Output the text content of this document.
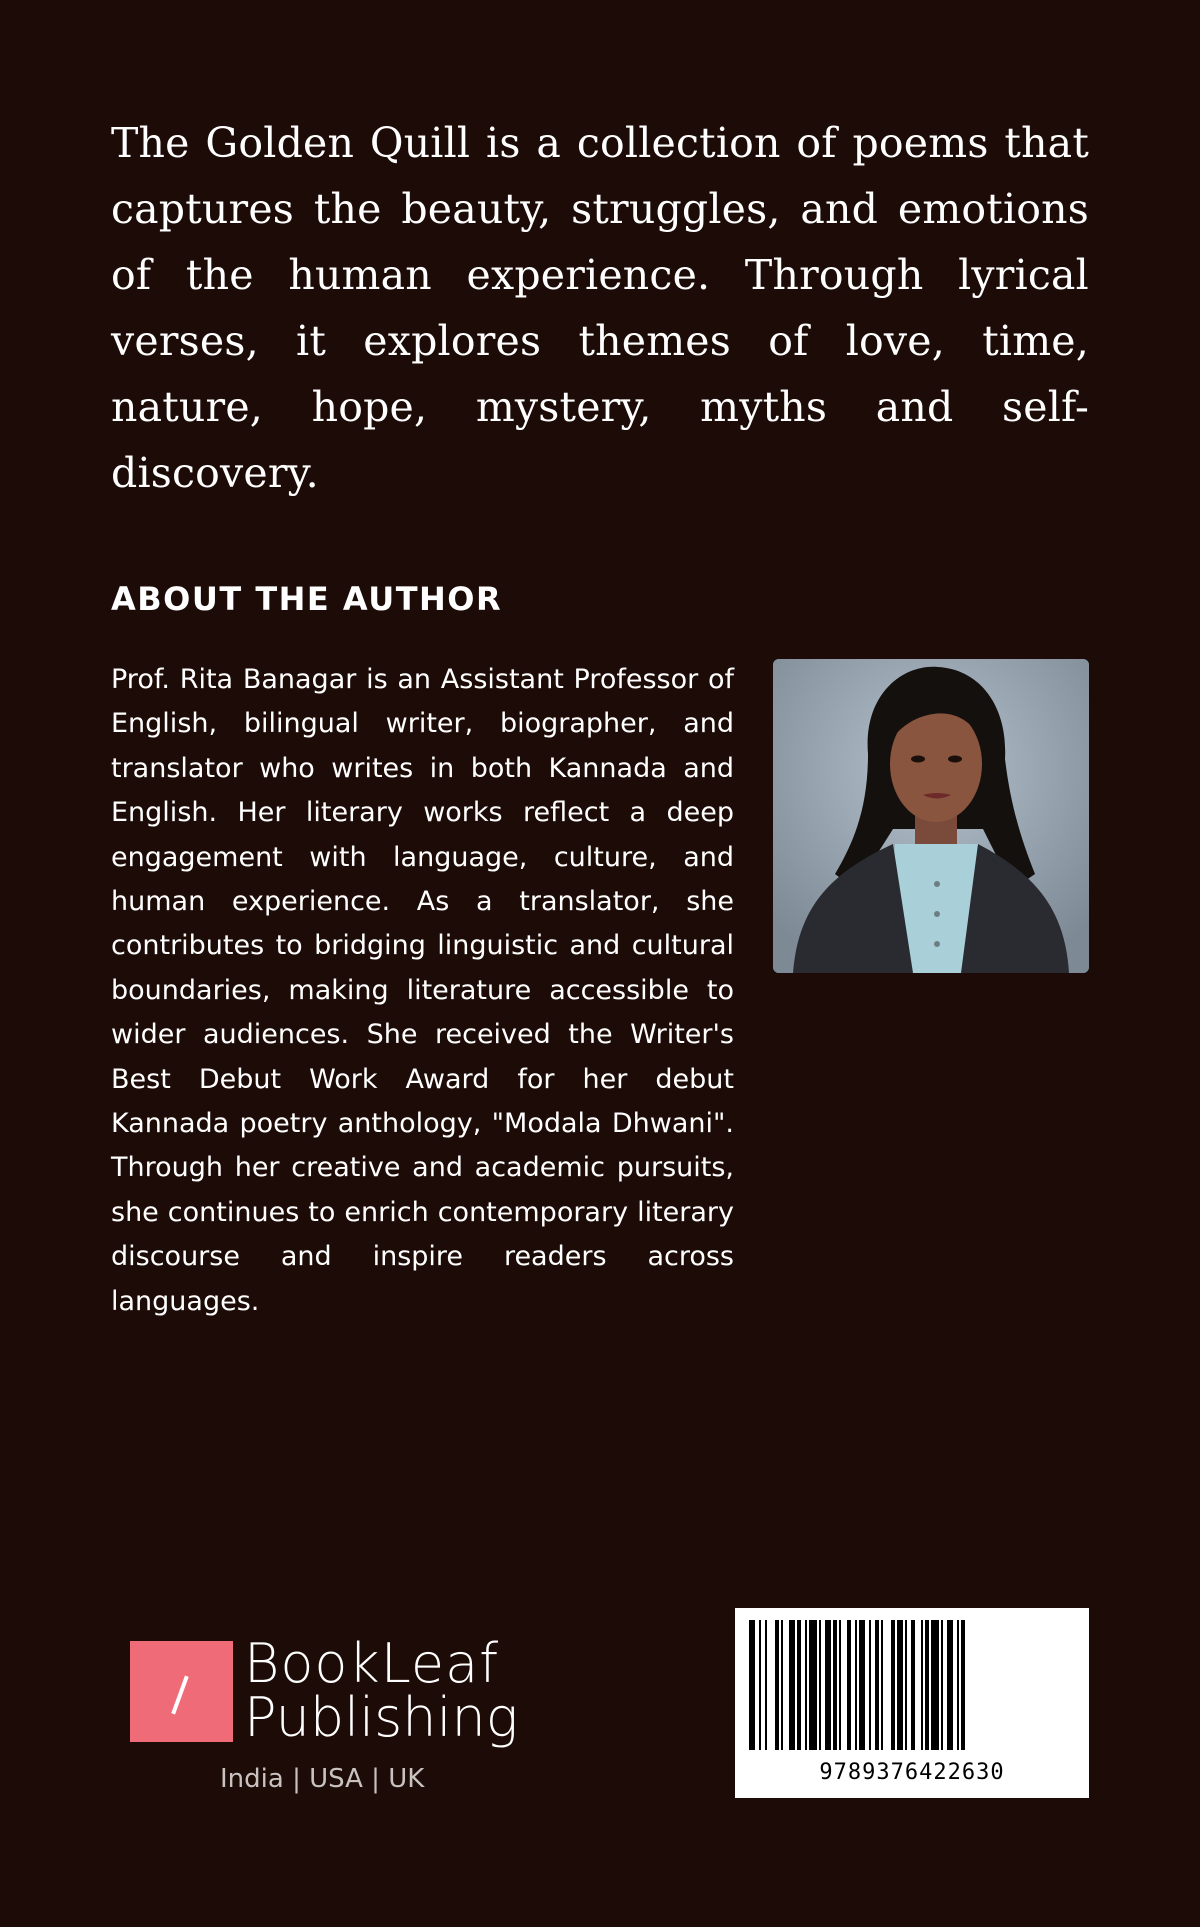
The Golden Quill is a collection of poems that captures the beauty, struggles, and emotions of the human experience. Through lyrical verses, it explores themes of love, time, nature, hope, mystery, myths and self-discovery.

ABOUT THE AUTHOR

Prof. Rita Banagar is an Assistant Professor of English, bilingual writer, biographer, and translator who writes in both Kannada and English. Her literary works reflect a deep engagement with language, culture, and human experience. As a translator, she contributes to bridging linguistic and cultural boundaries, making literature accessible to wider audiences. She received the Writer's Best Debut Work Award for her debut Kannada poetry anthology, "Modala Dhwani". Through her creative and academic pursuits, she continues to enrich contemporary literary discourse and inspire readers across languages.

BookLeaf
Publishing
India | USA | UK	9789376422630
